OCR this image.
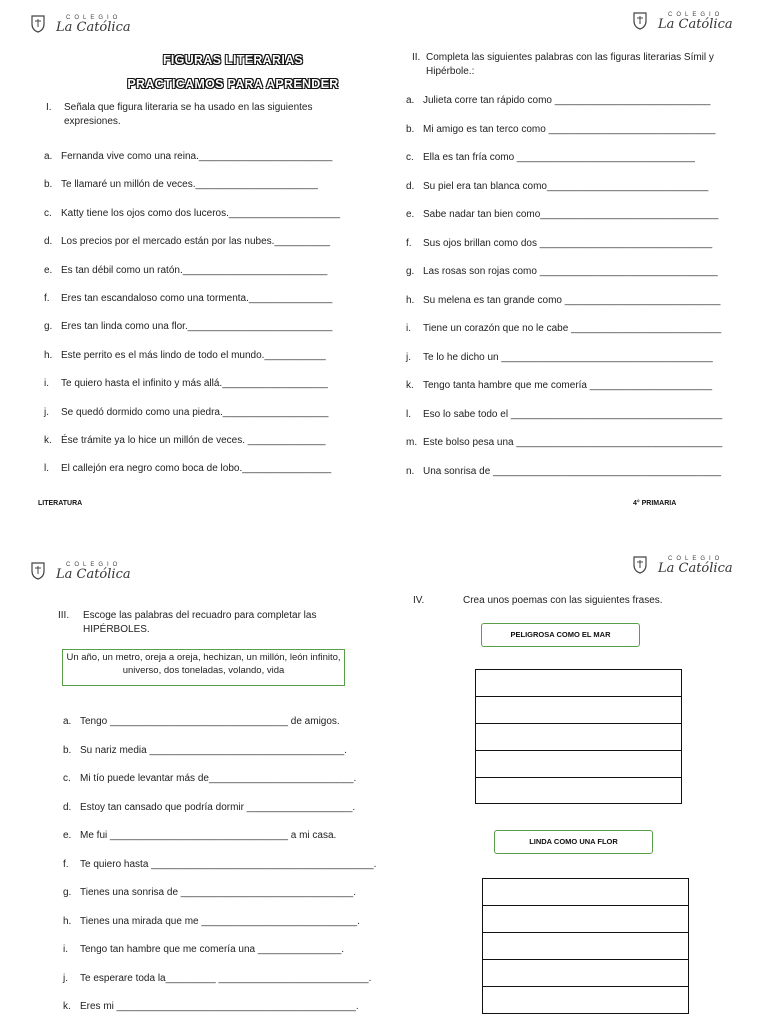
COLEGIO
La Católica
COLEGIO
La Católica
COLEGIO
La Católica
COLEGIO
La Católica
FIGURAS LITERARIAS
PRACTICAMOS PARA APRENDER
I.	Señala que figura literaria se ha usado en las siguientes expresiones.
a. Fernanda vive como una reina.________________________
b. Te llamaré un millón de veces.______________________
c. Katty tiene los ojos como dos luceros.____________________
d. Los precios por el mercado están por las nubes.__________
e. Es tan débil como un ratón.__________________________
f. Eres tan escandaloso como una tormenta._______________
g. Eres tan linda como una flor.__________________________
h. Este perrito es el más lindo de todo el mundo.___________
i. Te quiero hasta el infinito y más allá.___________________
j. Se quedó dormido como una piedra.___________________
k. Ése trámite ya lo hice un millón de veces. ______________
l. El callejón era negro como boca de lobo.________________
II. Completa las siguientes palabras con las figuras literarias Símil y Hipérbole.:
a. Julieta corre tan rápido como ____________________________
b. Mi amigo es tan terco como ______________________________
c. Ella es tan fría como ________________________________
d. Su piel era tan blanca como_____________________________
e. Sabe nadar tan bien como________________________________
f. Sus ojos brillan como dos _______________________________
g. Las rosas son rojas como ________________________________
h. Su melena es tan grande como ____________________________
i. Tiene un corazón que no le cabe ___________________________
j. Te lo he dicho un ______________________________________
k. Tengo tanta hambre que me comería ______________________
l. Eso lo sabe todo el ______________________________________
m. Este bolso pesa una _____________________________________
n. Una sonrisa de _________________________________________
LITERATURA	4° PRIMARIA
III.	Escoge las palabras del recuadro para completar las HIPÉRBOLES.
Un año, un metro, oreja a oreja, hechizan, un millón, león infinito, universo, dos toneladas, volando, vida
a. Tengo ________________________________ de amigos.
b. Su nariz media ___________________________________.
c. Mi tío puede levantar más de__________________________.
d. Estoy tan cansado que podría dormir ___________________.
e. Me fui ________________________________ a mi casa.
f. Te quiero hasta ________________________________________.
g. Tienes una sonrisa de _______________________________.
h. Tienes una mirada que me ____________________________.
i. Tengo tan hambre que me comería una _______________.
j. Te esperare toda la_________ ___________________________.
k. Eres mi ___________________________________________.
IV.	Crea unos poemas con las siguientes frases.
PELIGROSA COMO EL MAR
LINDA COMO UNA FLOR
